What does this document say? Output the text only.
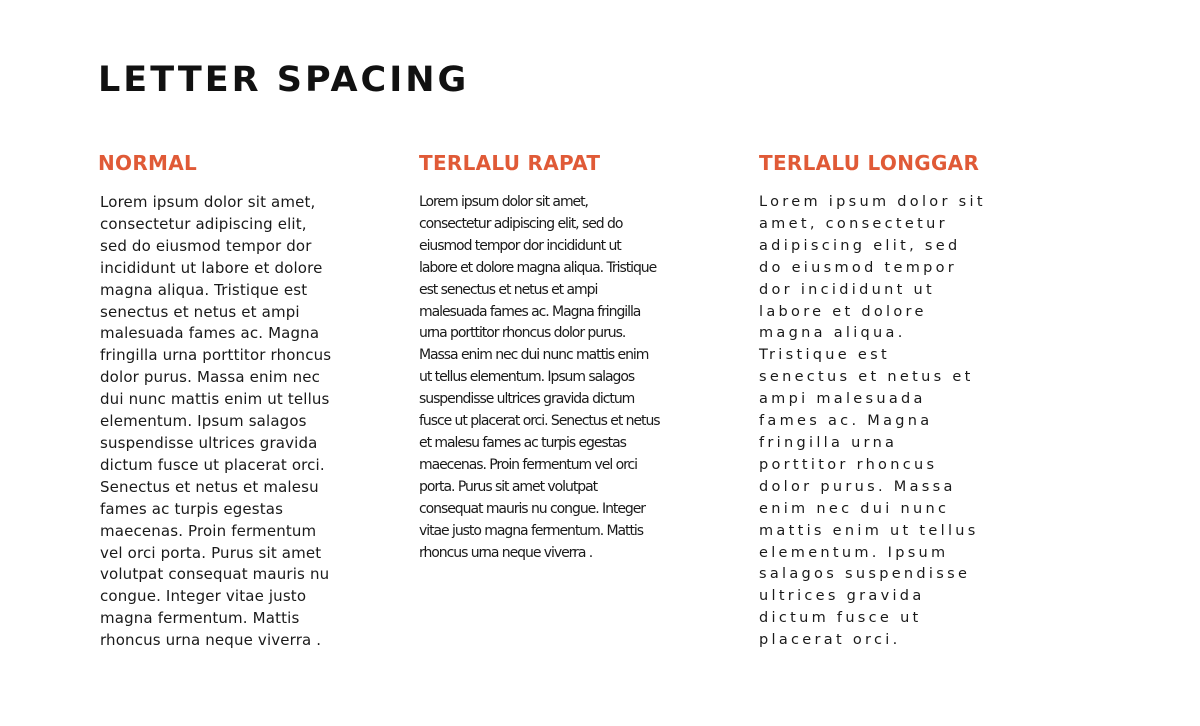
LETTER SPACING
NORMAL

Lorem ipsum dolor sit amet,
consectetur adipiscing elit,
sed do eiusmod tempor dor
incididunt ut labore et dolore
magna aliqua. Tristique est
senectus et netus et ampi
malesuada fames ac. Magna
fringilla urna porttitor rhoncus
dolor purus. Massa enim nec
dui nunc mattis enim ut tellus
elementum. Ipsum salagos
suspendisse ultrices gravida
dictum fusce ut placerat orci.
Senectus et netus et malesu
fames ac turpis egestas
maecenas. Proin fermentum
vel orci porta. Purus sit amet
volutpat consequat mauris nu
congue. Integer vitae justo
magna fermentum. Mattis
rhoncus urna neque viverra .

TERLALU RAPAT

Lorem ipsum dolor sit amet,
consectetur adipiscing elit, sed do
eiusmod tempor dor incididunt ut
labore et dolore magna aliqua. Tristique
est senectus et netus et ampi
malesuada fames ac. Magna fringilla
urna porttitor rhoncus dolor purus.
Massa enim nec dui nunc mattis enim
ut tellus elementum. Ipsum salagos
suspendisse ultrices gravida dictum
fusce ut placerat orci. Senectus et netus
et malesu fames ac turpis egestas
maecenas. Proin fermentum vel orci
porta. Purus sit amet volutpat
consequat mauris nu congue. Integer
vitae justo magna fermentum. Mattis
rhoncus urna neque viverra .

TERLALU LONGGAR

Lorem ipsum dolor sit
amet, consectetur
adipiscing elit, sed
do eiusmod tempor
dor incididunt ut
labore et dolore
magna aliqua.
Tristique est
senectus et netus et
ampi malesuada
fames ac. Magna
fringilla urna
porttitor rhoncus
dolor purus. Massa
enim nec dui nunc
mattis enim ut tellus
elementum. Ipsum
salagos suspendisse
ultrices gravida
dictum fusce ut
placerat orci.
